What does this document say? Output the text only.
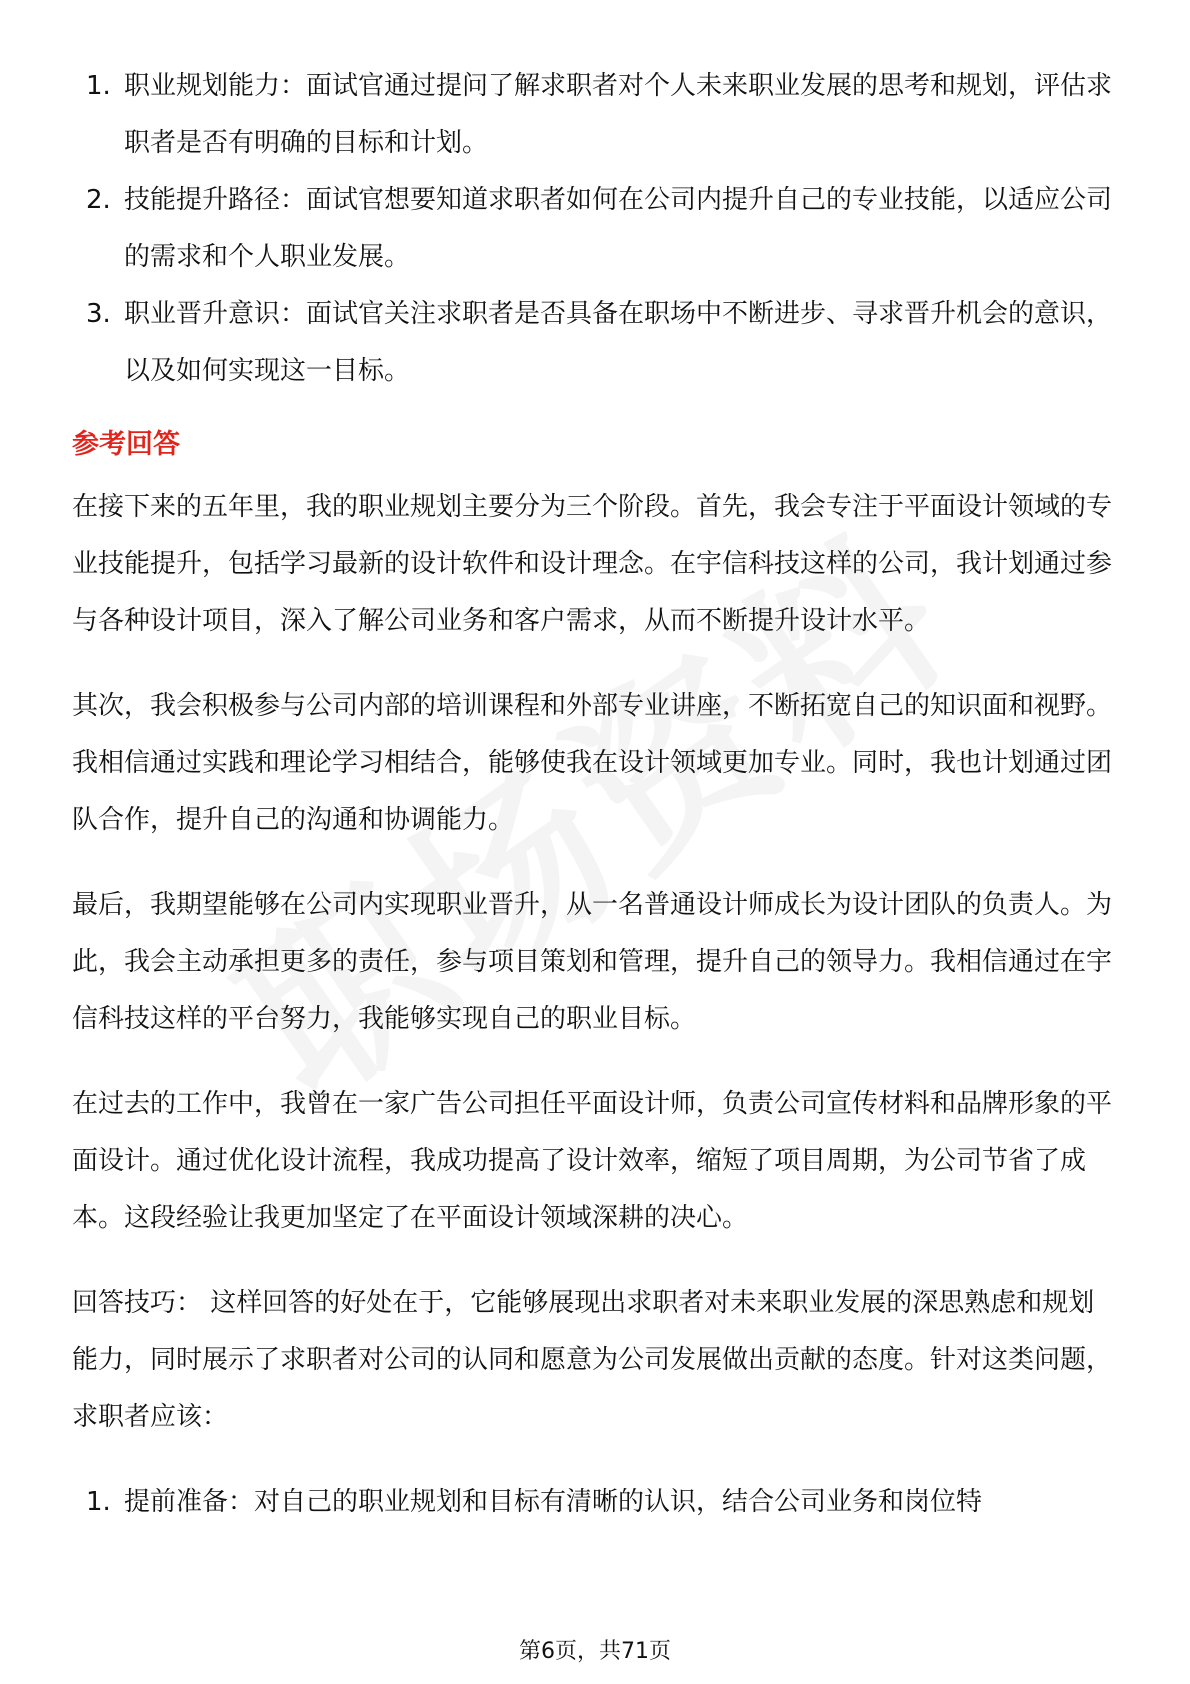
1. 职业规划能力：面试官通过提问了解求职者对个人未来职业发展的思考和规划，评估求职者是否有明确的目标和计划。
2. 技能提升路径：面试官想要知道求职者如何在公司内提升自己的专业技能，以适应公司的需求和个人职业发展。
3. 职业晋升意识：面试官关注求职者是否具备在职场中不断进步、寻求晋升机会的意识，以及如何实现这一目标。
参考回答

在接下来的五年里，我的职业规划主要分为三个阶段。首先，我会专注于平面设计领域的专业技能提升，包括学习最新的设计软件和设计理念。在宇信科技这样的公司，我计划通过参与各种设计项目，深入了解公司业务和客户需求，从而不断提升设计水平。

其次，我会积极参与公司内部的培训课程和外部专业讲座，不断拓宽自己的知识面和视野。我相信通过实践和理论学习相结合，能够使我在设计领域更加专业。同时，我也计划通过团队合作，提升自己的沟通和协调能力。

最后，我期望能够在公司内实现职业晋升，从一名普通设计师成长为设计团队的负责人。为此，我会主动承担更多的责任，参与项目策划和管理，提升自己的领导力。我相信通过在宇信科技这样的平台努力，我能够实现自己的职业目标。

在过去的工作中，我曾在一家广告公司担任平面设计师，负责公司宣传材料和品牌形象的平面设计。通过优化设计流程，我成功提高了设计效率，缩短了项目周期，为公司节省了成本。这段经验让我更加坚定了在平面设计领域深耕的决心。

回答技巧： 这样回答的好处在于，它能够展现出求职者对未来职业发展的深思熟虑和规划能力，同时展示了求职者对公司的认同和愿意为公司发展做出贡献的态度。针对这类问题，求职者应该：

1. 提前准备：对自己的职业规划和目标有清晰的认识，结合公司业务和岗位特
第6页，共71页
